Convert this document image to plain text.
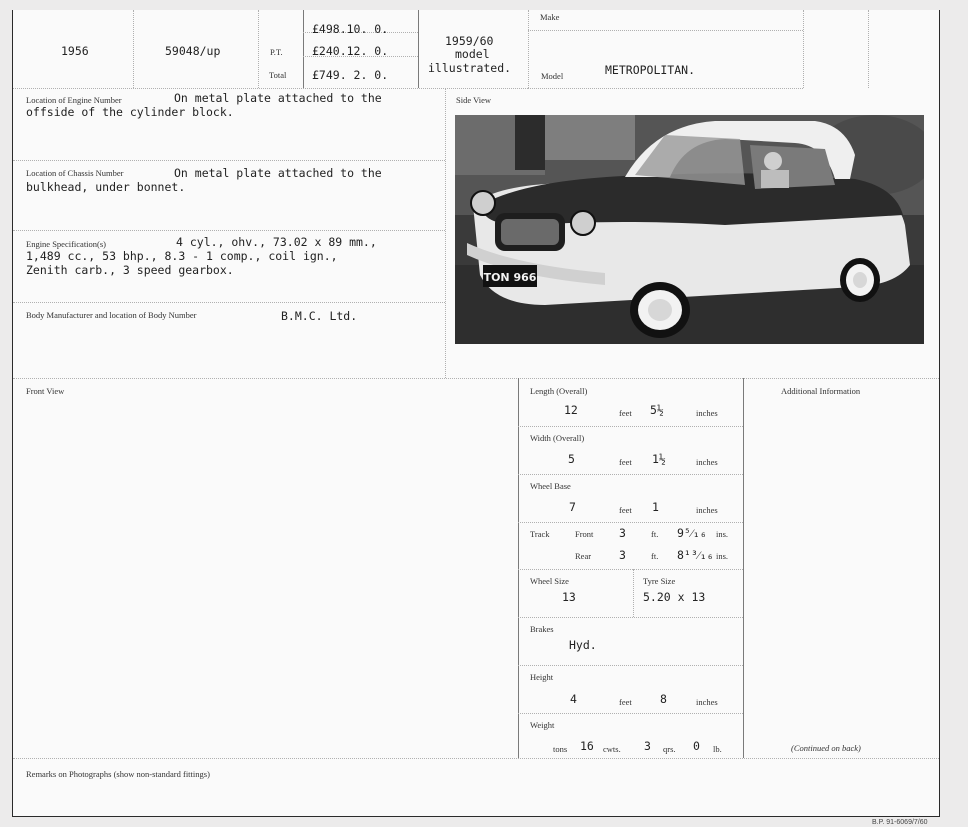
1956	59048/up
£498.10. 0.
P.T.	£240.12. 0.
Total £749. 2. 0.
1959/60
model
illustrated.
Make
Model	METROPOLITAN.
Location of Engine Number	On metal plate attached to the
offside of the cylinder block.
Location of Chassis Number	On metal plate attached to the
bulkhead, under bonnet.
Engine Specification(s)	4 cyl., ohv., 73.02 x 89 mm.,
1,489 cc., 53 bhp., 8.3 - 1 comp., coil ign.,
Zenith carb., 3 speed gearbox.
Body Manufacturer and location of Body Number	B.M.C. Ltd.
Side View
Front View	Additional Information
(Continued on back)
Length (Overall)
12	feet 5½	inches
Width (Overall)
5	feet 1½	inches
Wheel Base
7	feet 1	inches
Track	Front 3	ft. 9⁵⁄₁₆ ins.
Rear 3	ft. 8¹³⁄₁₆ ins.
Wheel Size
13
Tyre Size
5.20 x 13
Brakes
Hyd.
Height
4	feet 8	inches
Weight
tons 16 cwts. 3 qrs. 0 lb.
Remarks on Photographs (show non-standard fittings)
TON 966
B.P. 91-6069/7/60
